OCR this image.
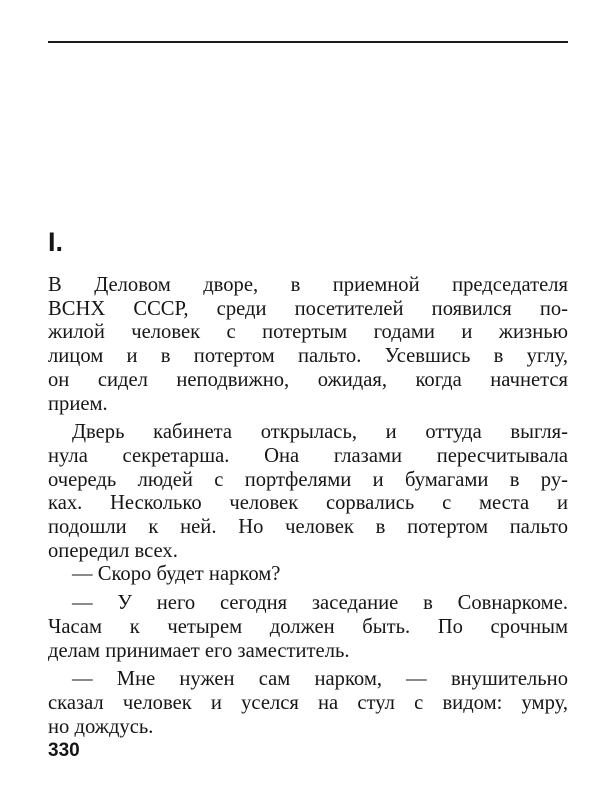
I.

В Деловом дворе, в приемной председателя
ВСНХ СССР, среди посетителей появился по-
жилой человек с потертым годами и жизнью
лицом и в потертом пальто. Усевшись в углу,
он сидел неподвижно, ожидая, когда начнется
прием.

Дверь кабинета открылась, и оттуда выгля-
нула секретарша. Она глазами пересчитывала
очередь людей с портфелями и бумагами в ру-
ках. Несколько человек сорвались с места и
подошли к ней. Но человек в потертом пальто
опередил всех.

— Скоро будет нарком?

— У него сегодня заседание в Совнаркоме.
Часам к четырем должен быть. По срочным
делам принимает его заместитель.

— Мне нужен сам нарком, — внушительно
сказал человек и уселся на стул с видом: умру,
но дождусь.

330
